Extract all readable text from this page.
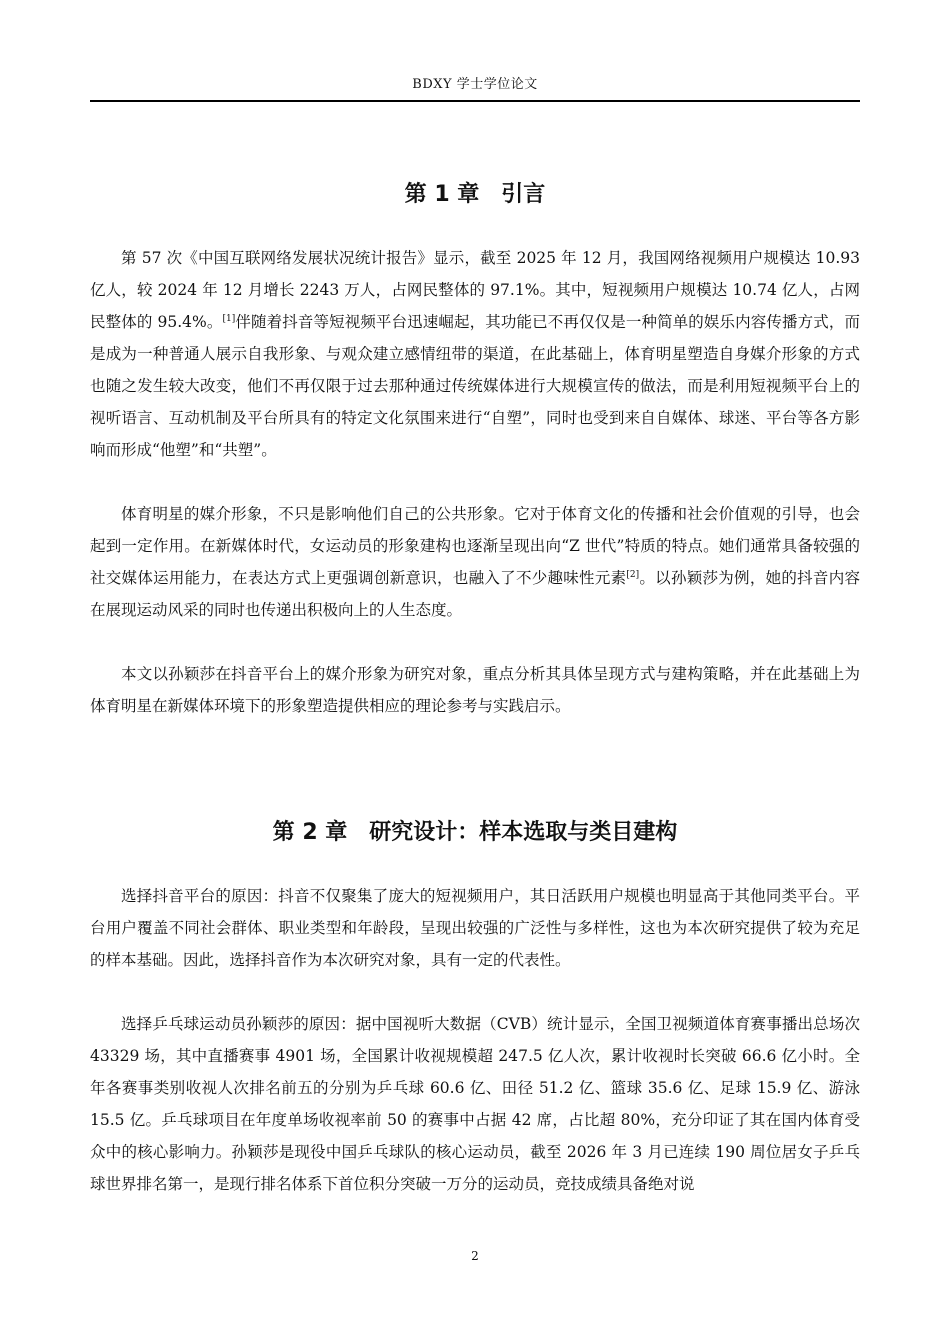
BDXY 学士学位论文
第 1 章　引言

第 57 次《中国互联网络发展状况统计报告》显示，截至 2025 年 12 月，我国网络视频用户规模达 10.93 亿人，较 2024 年 12 月增长 2243 万人，占网民整体的 97.1%。其中，短视频用户规模达 10.74 亿人，占网民整体的 95.4%。[1]伴随着抖音等短视频平台迅速崛起，其功能已不再仅仅是一种简单的娱乐内容传播方式，而是成为一种普通人展示自我形象、与观众建立感情纽带的渠道，在此基础上，体育明星塑造自身媒介形象的方式也随之发生较大改变，他们不再仅限于过去那种通过传统媒体进行大规模宣传的做法，而是利用短视频平台上的视听语言、互动机制及平台所具有的特定文化氛围来进行“自塑”，同时也受到来自自媒体、球迷、平台等各方影响而形成“他塑”和“共塑”。

体育明星的媒介形象，不只是影响他们自己的公共形象。它对于体育文化的传播和社会价值观的引导，也会起到一定作用。在新媒体时代，女运动员的形象建构也逐渐呈现出向“Z 世代”特质的特点。她们通常具备较强的社交媒体运用能力，在表达方式上更强调创新意识，也融入了不少趣味性元素[2]。以孙颖莎为例，她的抖音内容在展现运动风采的同时也传递出积极向上的人生态度。

本文以孙颖莎在抖音平台上的媒介形象为研究对象，重点分析其具体呈现方式与建构策略，并在此基础上为体育明星在新媒体环境下的形象塑造提供相应的理论参考与实践启示。

第 2 章　研究设计：样本选取与类目建构

选择抖音平台的原因：抖音不仅聚集了庞大的短视频用户，其日活跃用户规模也明显高于其他同类平台。平台用户覆盖不同社会群体、职业类型和年龄段，呈现出较强的广泛性与多样性，这也为本次研究提供了较为充足的样本基础。因此，选择抖音作为本次研究对象，具有一定的代表性。

选择乒乓球运动员孙颖莎的原因：据中国视听大数据（CVB）统计显示，全国卫视频道体育赛事播出总场次 43329 场，其中直播赛事 4901 场，全国累计收视规模超 247.5 亿人次，累计收视时长突破 66.6 亿小时。全年各赛事类别收视人次排名前五的分别为乒乓球 60.6 亿、田径 51.2 亿、篮球 35.6 亿、足球 15.9 亿、游泳 15.5 亿。乒乓球项目在年度单场收视率前 50 的赛事中占据 42 席，占比超 80%，充分印证了其在国内体育受众中的核心影响力。孙颖莎是现役中国乒乓球队的核心运动员，截至 2026 年 3 月已连续 190 周位居女子乒乓球世界排名第一，是现行排名体系下首位积分突破一万分的运动员，竞技成绩具备绝对说

2
